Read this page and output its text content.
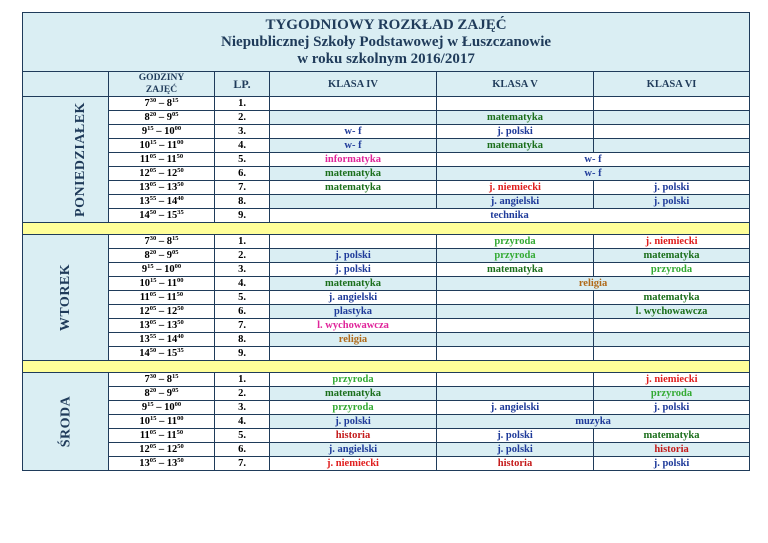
TYGODNIOWY ROZKŁAD ZAJĘĆ
Niepublicznej Szkoły Podstawowej w Łuszczanowie
w roku szkolnym 2016/2017					

	GODZINY ZAJĘĆ	LP.	KLASA IV	KLASA V	KLASA VI
PONIEDZIAŁEK	$7^{30} - 8^{15}$	1.			
	$8^{20} - 9^{05}$	2.		matematyka	
	$9^{15} - 10^{00}$	3.	w- f	j. polski	
	$10^{15} - 11^{00}$	4.	w- f	matematyka	
	$11^{05} - 11^{50}$	5.	informatyka	w- f	
	$12^{05} - 12^{50}$	6.	matematyka	w- f	
	$13^{05} - 13^{50}$	7.	matematyka	j. niemiecki	j. polski
	$13^{55} - 14^{40}$	8.		j. angielski	j. polski
	$14^{50} - 15^{35}$	9.	technika		

WTOREK	$7^{30} - 8^{15}$	1.		przyroda	j. niemiecki
	$8^{20} - 9^{05}$	2.	j. polski	przyroda	matematyka
	$9^{15} - 10^{00}$	3.	j. polski	matematyka	przyroda
	$10^{15} - 11^{00}$	4.	matematyka	religia	
	$11^{05} - 11^{50}$	5.	j. angielski		matematyka
	$12^{05} - 12^{50}$	6.	plastyka		l. wychowawcza
	$13^{05} - 13^{50}$	7.	l. wychowawcza		
	$13^{55} - 14^{40}$	8.	religia		
	$14^{50} - 15^{35}$	9.			

ŚRODA	$7^{30} - 8^{15}$	1.	przyroda		j. niemiecki
	$8^{20} - 9^{05}$	2.	matematyka		przyroda
	$9^{15} - 10^{00}$	3.	przyroda	j. angielski	j. polski
	$10^{15} - 11^{00}$	4.	j. polski	muzyka	
	$11^{05} - 11^{50}$	5.	historia	j. polski	matematyka
	$12^{05} - 12^{50}$	6.	j. angielski	j. polski	historia
	$13^{05} - 13^{50}$	7.	j. niemiecki	historia	j. polski
